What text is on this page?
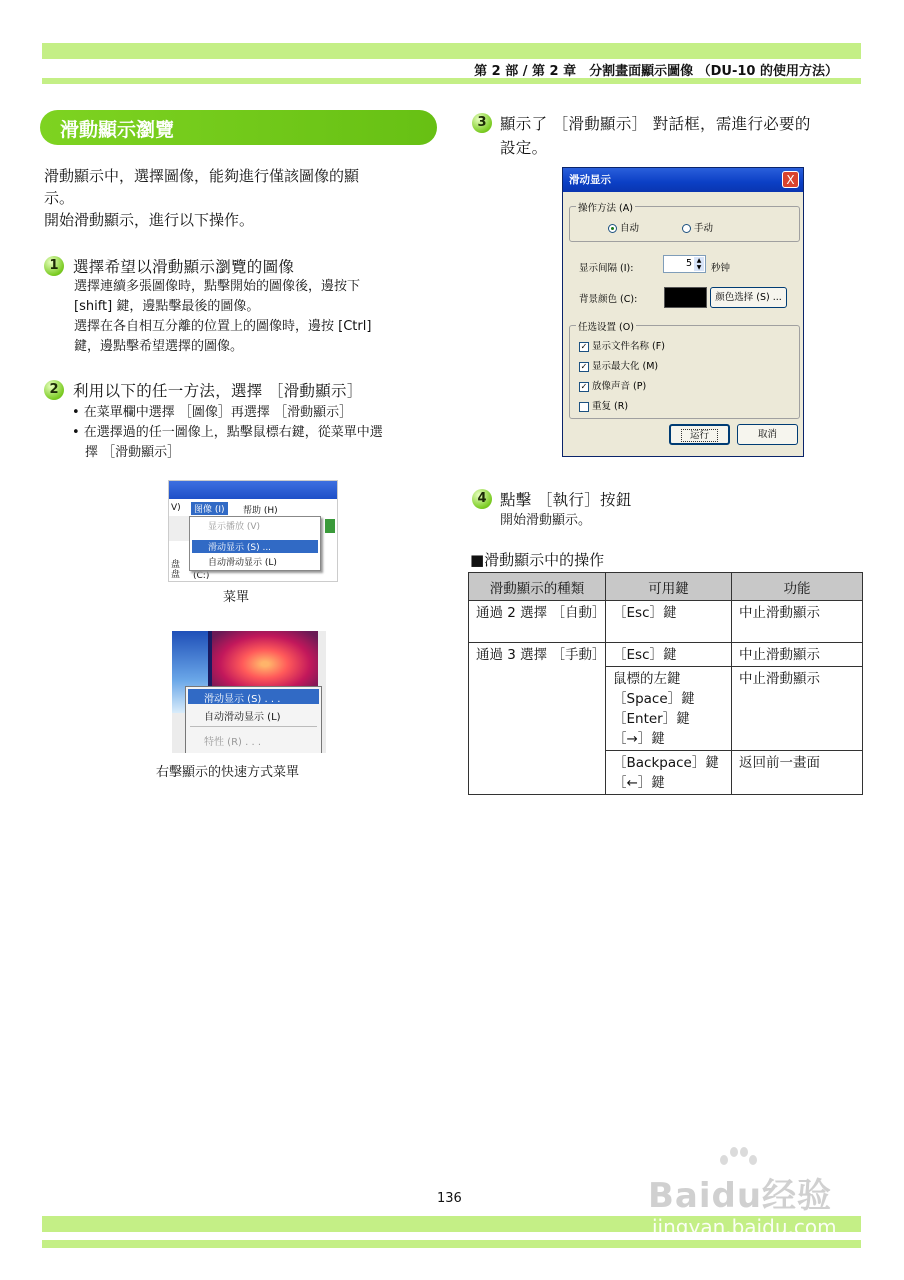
第 2 部 / 第 2 章　分割畫面顯示圖像 （DU-10 的使用方法）
滑動顯示瀏覽
滑動顯示中，選擇圖像，能夠進行僅該圖像的顯
示。
開始滑動顯示，進行以下操作。
1 選擇希望以滑動顯示瀏覽的圖像
選擇連續多張圖像時，點擊開始的圖像後，邊按下
[shift] 鍵，邊點擊最後的圖像。
選擇在各自相互分離的位置上的圖像時，邊按 [Ctrl]
鍵，邊點擊希望選擇的圖像。
2 利用以下的任一方法，選擇 ［滑動顯示］
• 在菜單欄中選擇 ［圖像］再選擇 ［滑動顯示］
• 在選擇過的任一圖像上，點擊鼠標右鍵，從菜單中選
　擇 ［滑動顯示］
V)	图像 (I)	帮助 (H)
盘
盘 (C:)
显示播放 (V)
滑动显示 (S) ...
自动滑动显示 (L)
菜單
滑动显示 (S) . . .
自动滑动显示 (L)
特性 (R) . . .
右擊顯示的快速方式菜單
3 顯示了 ［滑動顯示］ 對話框，需進行必要的
設定。
滑动显示	X
操作方法 (A)
自动	手动
显示间隔 (I):	5 ▲
▼ 秒钟
背景颜色 (C):	颜色选择 (S) ...
任选设置 (O)
✓ 显示文件名称 (F)
✓ 显示最大化 (M)
✓ 放像声音 (P)
重复 (R)
运行	取消
4 點擊 ［執行］按鈕
開始滑動顯示。
■滑動顯示中的操作
滑動顯示的種類	可用鍵	功能
通過 2 選擇 ［自動］	［Esc］鍵	中止滑動顯示
通過 3 選擇 ［手動］	［Esc］鍵	中止滑動顯示

	鼠標的左鍵
［Space］鍵
［Enter］鍵
［→］鍵	中止滑動顯示

	［Backpace］鍵
［←］鍵	返回前一畫面
136	Baidu经验
jingyan.baidu.com
